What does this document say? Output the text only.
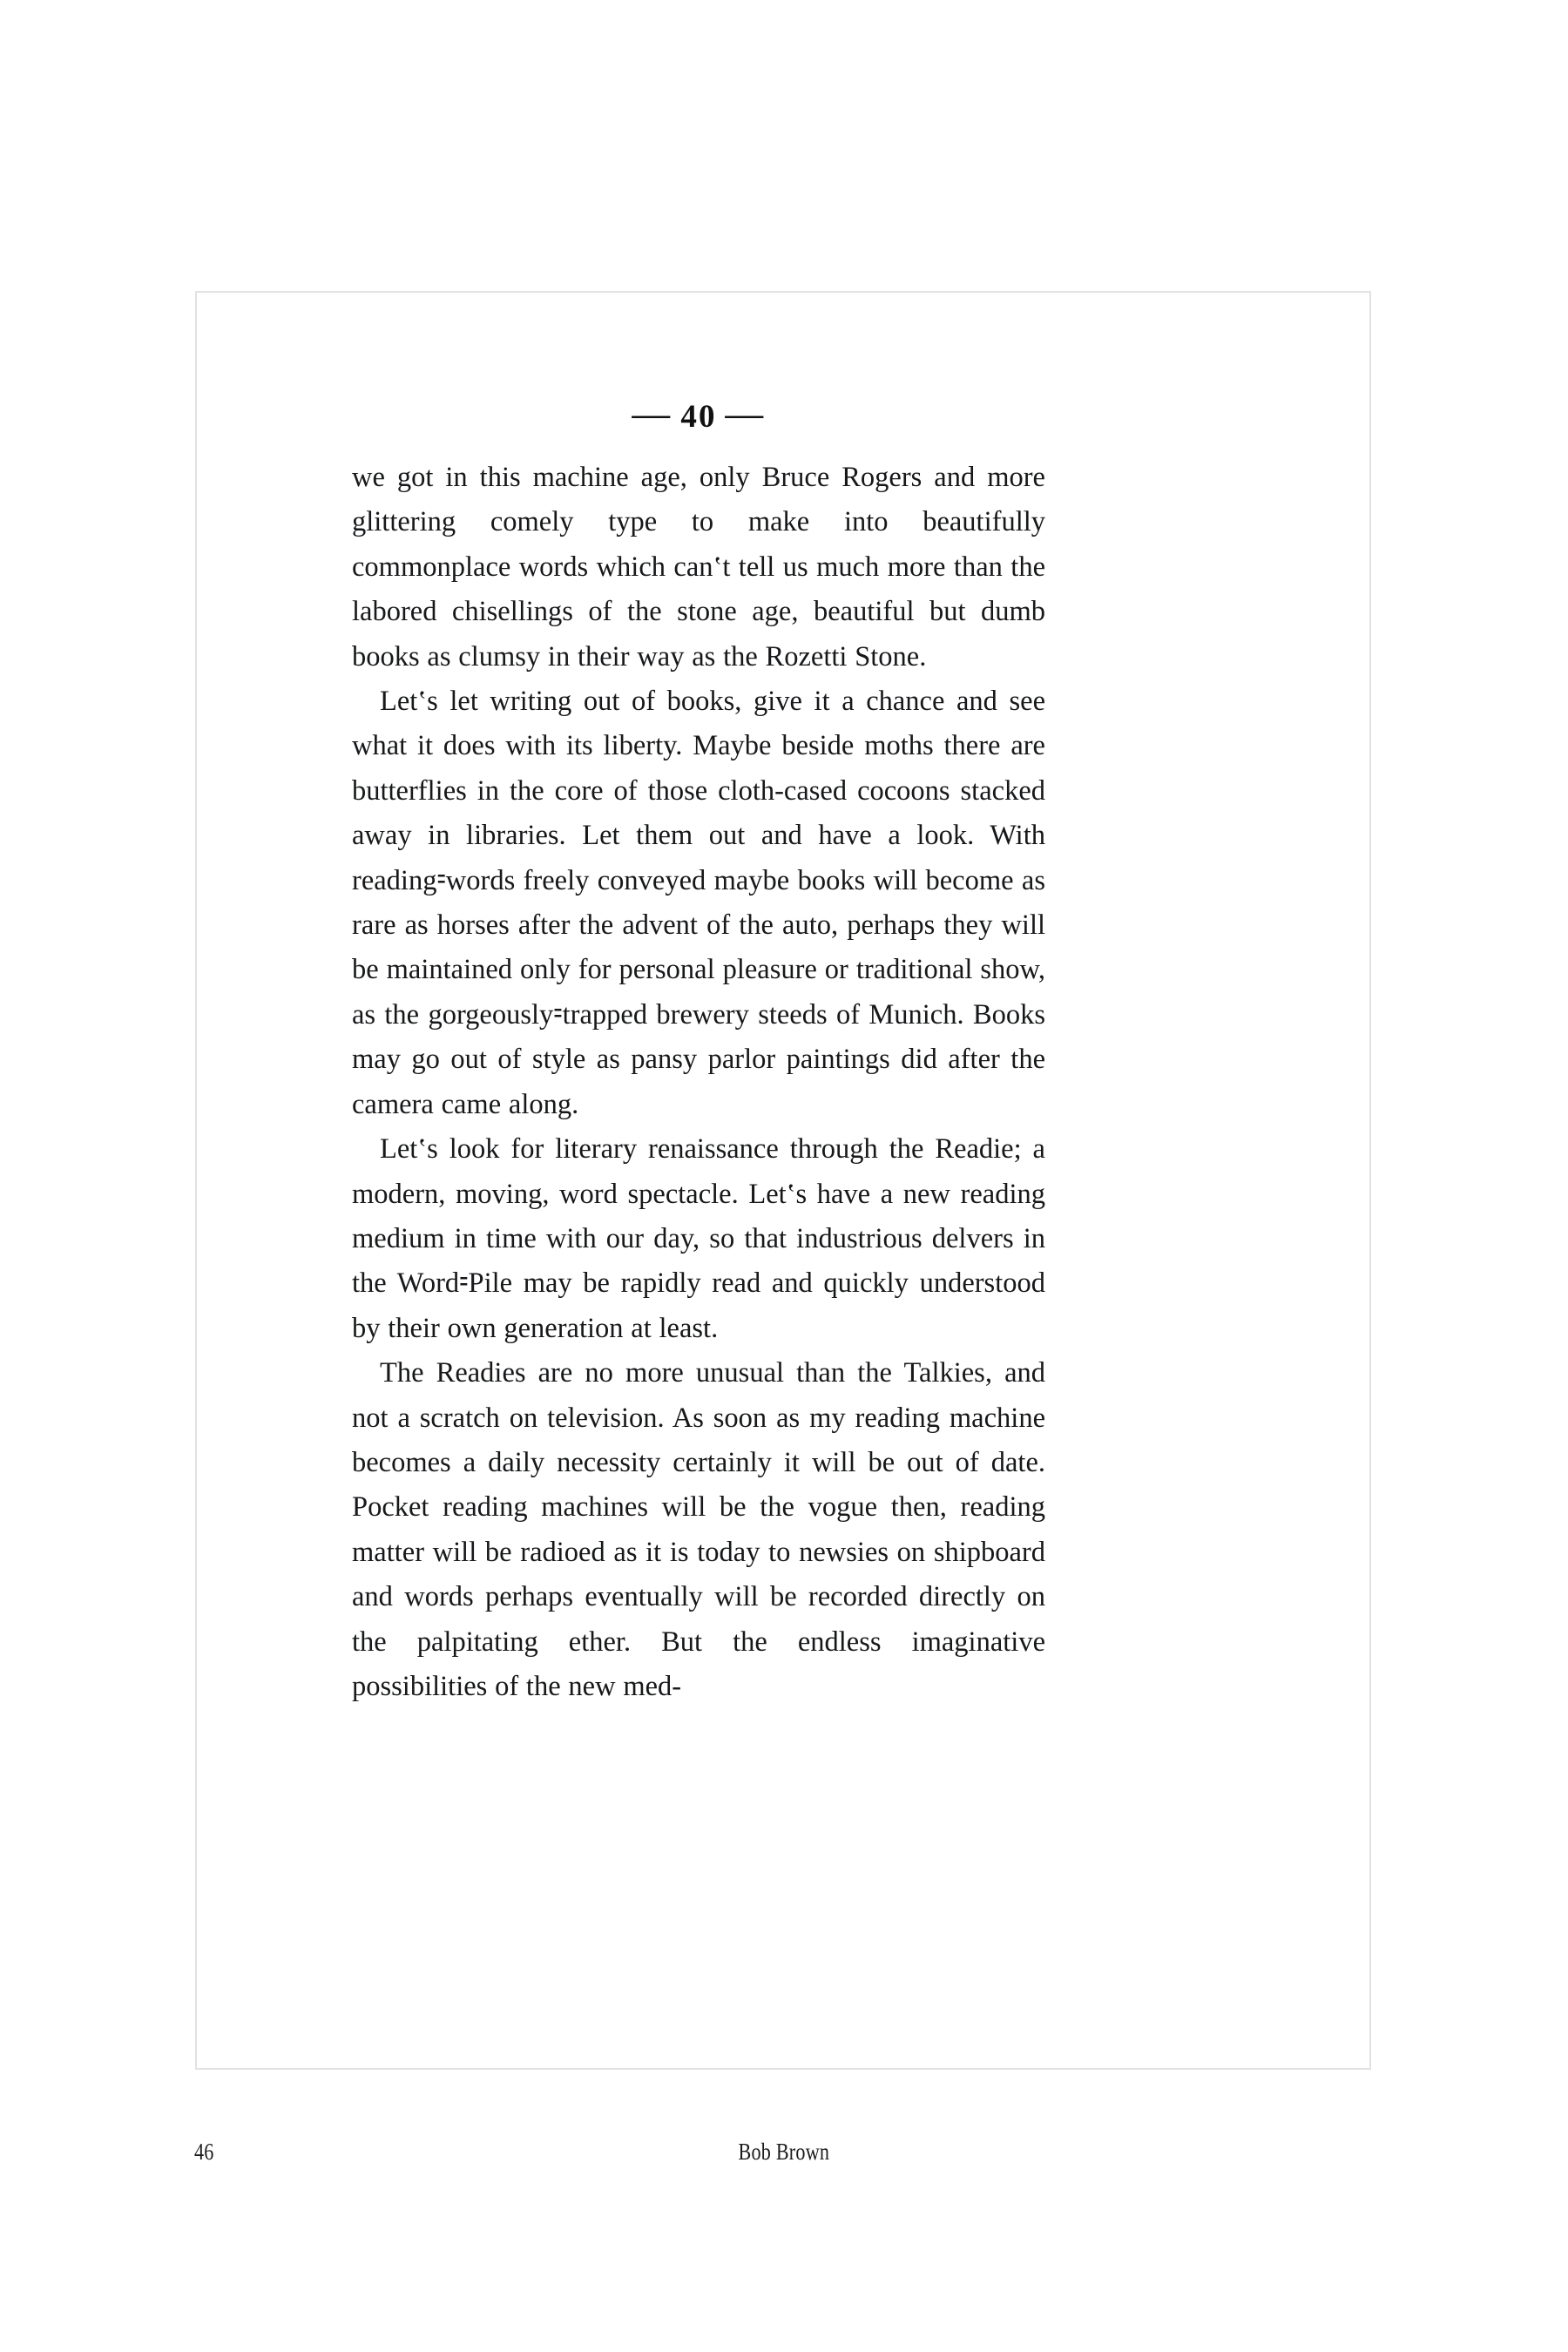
— 40 —

we got in this machine age, only Bruce Rogers and more glittering comely type to make into beautifully commonplace words which can‛t tell us much more than the labored chisellings of the stone age, beautiful but dumb books as clumsy in their way as the Rozetti Stone.

Let‛s let writing out of books, give it a chance and see what it does with its liberty. Maybe beside moths there are butterflies in the core of those cloth-cased cocoons stacked away in libraries. Let them out and have a look. With reading⹀words freely conveyed maybe books will become as rare as horses after the advent of the auto, perhaps they will be maintained only for personal pleasure or traditional show, as the gorgeously⹀trapped brewery steeds of Munich. Books may go out of style as pansy parlor paintings did after the camera came along.

Let‛s look for literary renaissance through the Readie; a modern, moving, word spectacle. Let‛s have a new reading medium in time with our day, so that industrious delvers in the Word⹀Pile may be rapidly read and quickly understood by their own generation at least.

The Readies are no more unusual than the Talkies, and not a scratch on television. As soon as my reading machine becomes a daily necessity certainly it will be out of date. Pocket reading machines will be the vogue then, reading matter will be radioed as it is today to newsies on shipboard and words perhaps eventually will be recorded directly on the palpitating ether. But the endless imaginative possibilities of the new med-

46	Bob Brown
